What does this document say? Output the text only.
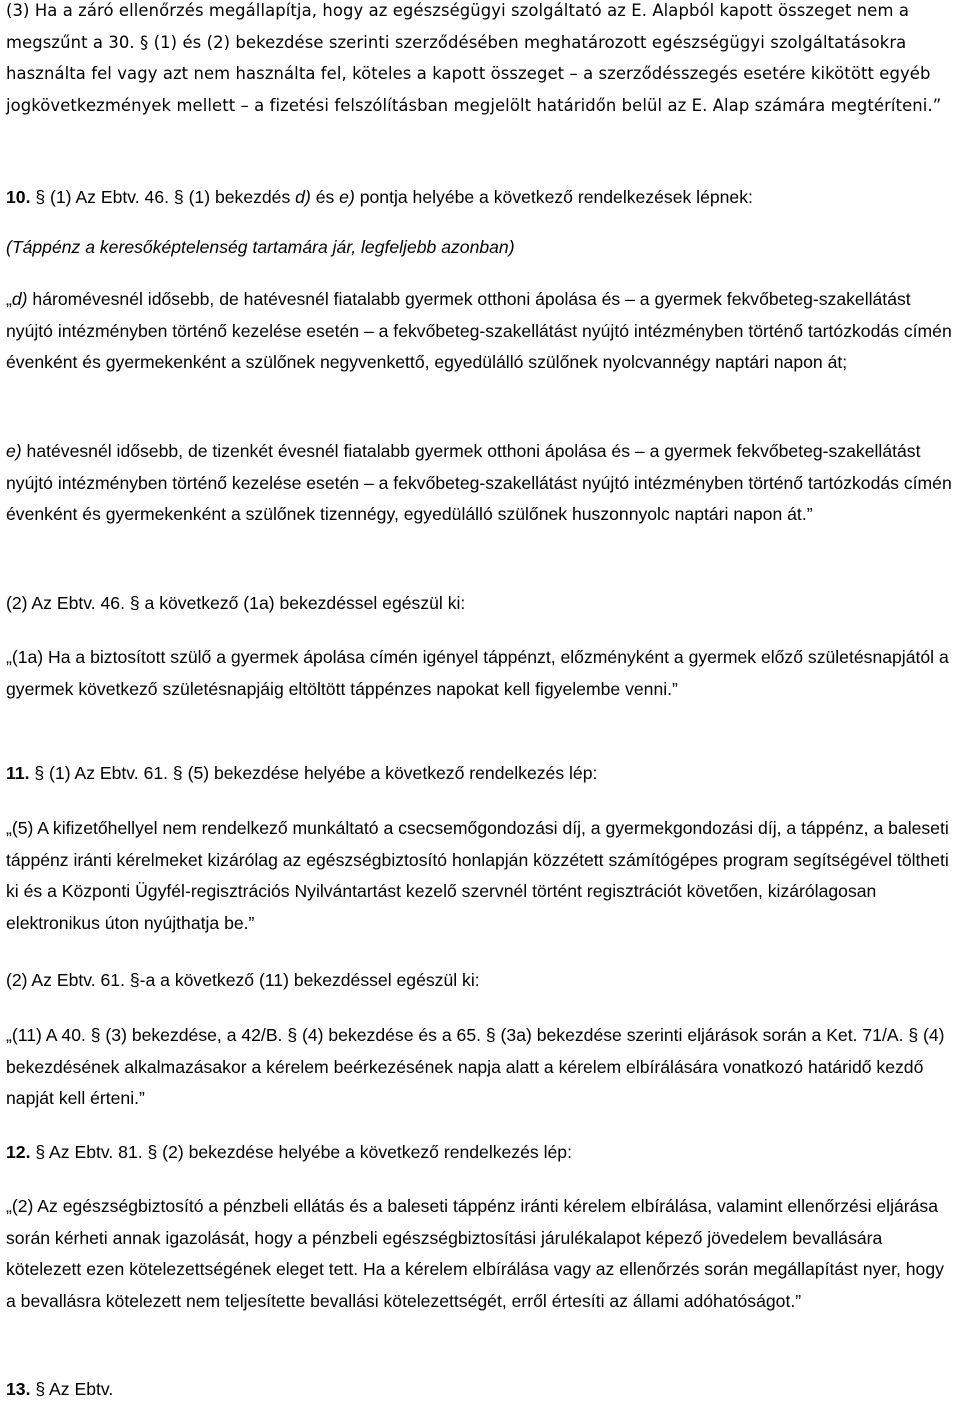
(3) Ha a záró ellenőrzés megállapítja, hogy az egészségügyi szolgáltató az E. Alapból kapott összeget nem a megszűnt a 30. § (1) és (2) bekezdése szerinti szerződésében meghatározott egészségügyi szolgáltatásokra használta fel vagy azt nem használta fel, köteles a kapott összeget – a szerződésszegés esetére kikötött egyéb jogkövetkezmények mellett – a fizetési felszólításban megjelölt határidőn belül az E. Alap számára megtéríteni.”
10. § (1) Az Ebtv. 46. § (1) bekezdés d) és e) pontja helyébe a következő rendelkezések lépnek:
(Táppénz a keresőképtelenség tartamára jár, legfeljebb azonban)
„d) háromévesnél idősebb, de hatévesnél fiatalabb gyermek otthoni ápolása és – a gyermek fekvőbeteg-szakellátást nyújtó intézményben történő kezelése esetén – a fekvőbeteg-szakellátást nyújtó intézményben történő tartózkodás címén évenként és gyermekenként a szülőnek negyvenkettő, egyedülálló szülőnek nyolcvannégy naptári napon át;
e) hatévesnél idősebb, de tizenkét évesnél fiatalabb gyermek otthoni ápolása és – a gyermek fekvőbeteg-szakellátást nyújtó intézményben történő kezelése esetén – a fekvőbeteg-szakellátást nyújtó intézményben történő tartózkodás címén évenként és gyermekenként a szülőnek tizennégy, egyedülálló szülőnek huszonnyolc naptári napon át.”
(2) Az Ebtv. 46. § a következő (1a) bekezdéssel egészül ki:
„(1a) Ha a biztosított szülő a gyermek ápolása címén igényel táppénzt, előzményként a gyermek előző születésnapjától a gyermek következő születésnapjáig eltöltött táppénzes napokat kell figyelembe venni.”
11. § (1) Az Ebtv. 61. § (5) bekezdése helyébe a következő rendelkezés lép:
„(5) A kifizetőhellyel nem rendelkező munkáltató a csecsemőgondozási díj, a gyermekgondozási díj, a táppénz, a baleseti táppénz iránti kérelmeket kizárólag az egészségbiztosító honlapján közzétett számítógépes program segítségével töltheti ki és a Központi Ügyfél-regisztrációs Nyilvántartást kezelő szervnél történt regisztrációt követően, kizárólagosan elektronikus úton nyújthatja be.”
(2) Az Ebtv. 61. §-a a következő (11) bekezdéssel egészül ki:
„(11) A 40. § (3) bekezdése, a 42/B. § (4) bekezdése és a 65. § (3a) bekezdése szerinti eljárások során a Ket. 71/A. § (4) bekezdésének alkalmazásakor a kérelem beérkezésének napja alatt a kérelem elbírálására vonatkozó határidő kezdő napját kell érteni.”
12. § Az Ebtv. 81. § (2) bekezdése helyébe a következő rendelkezés lép:
„(2) Az egészségbiztosító a pénzbeli ellátás és a baleseti táppénz iránti kérelem elbírálása, valamint ellenőrzési eljárása során kérheti annak igazolását, hogy a pénzbeli egészségbiztosítási járulékalapot képező jövedelem bevallására kötelezett ezen kötelezettségének eleget tett. Ha a kérelem elbírálása vagy az ellenőrzés során megállapítást nyer, hogy a bevallásra kötelezett nem teljesítette bevallási kötelezettségét, erről értesíti az állami adóhatóságot.”
13. § Az Ebtv.
